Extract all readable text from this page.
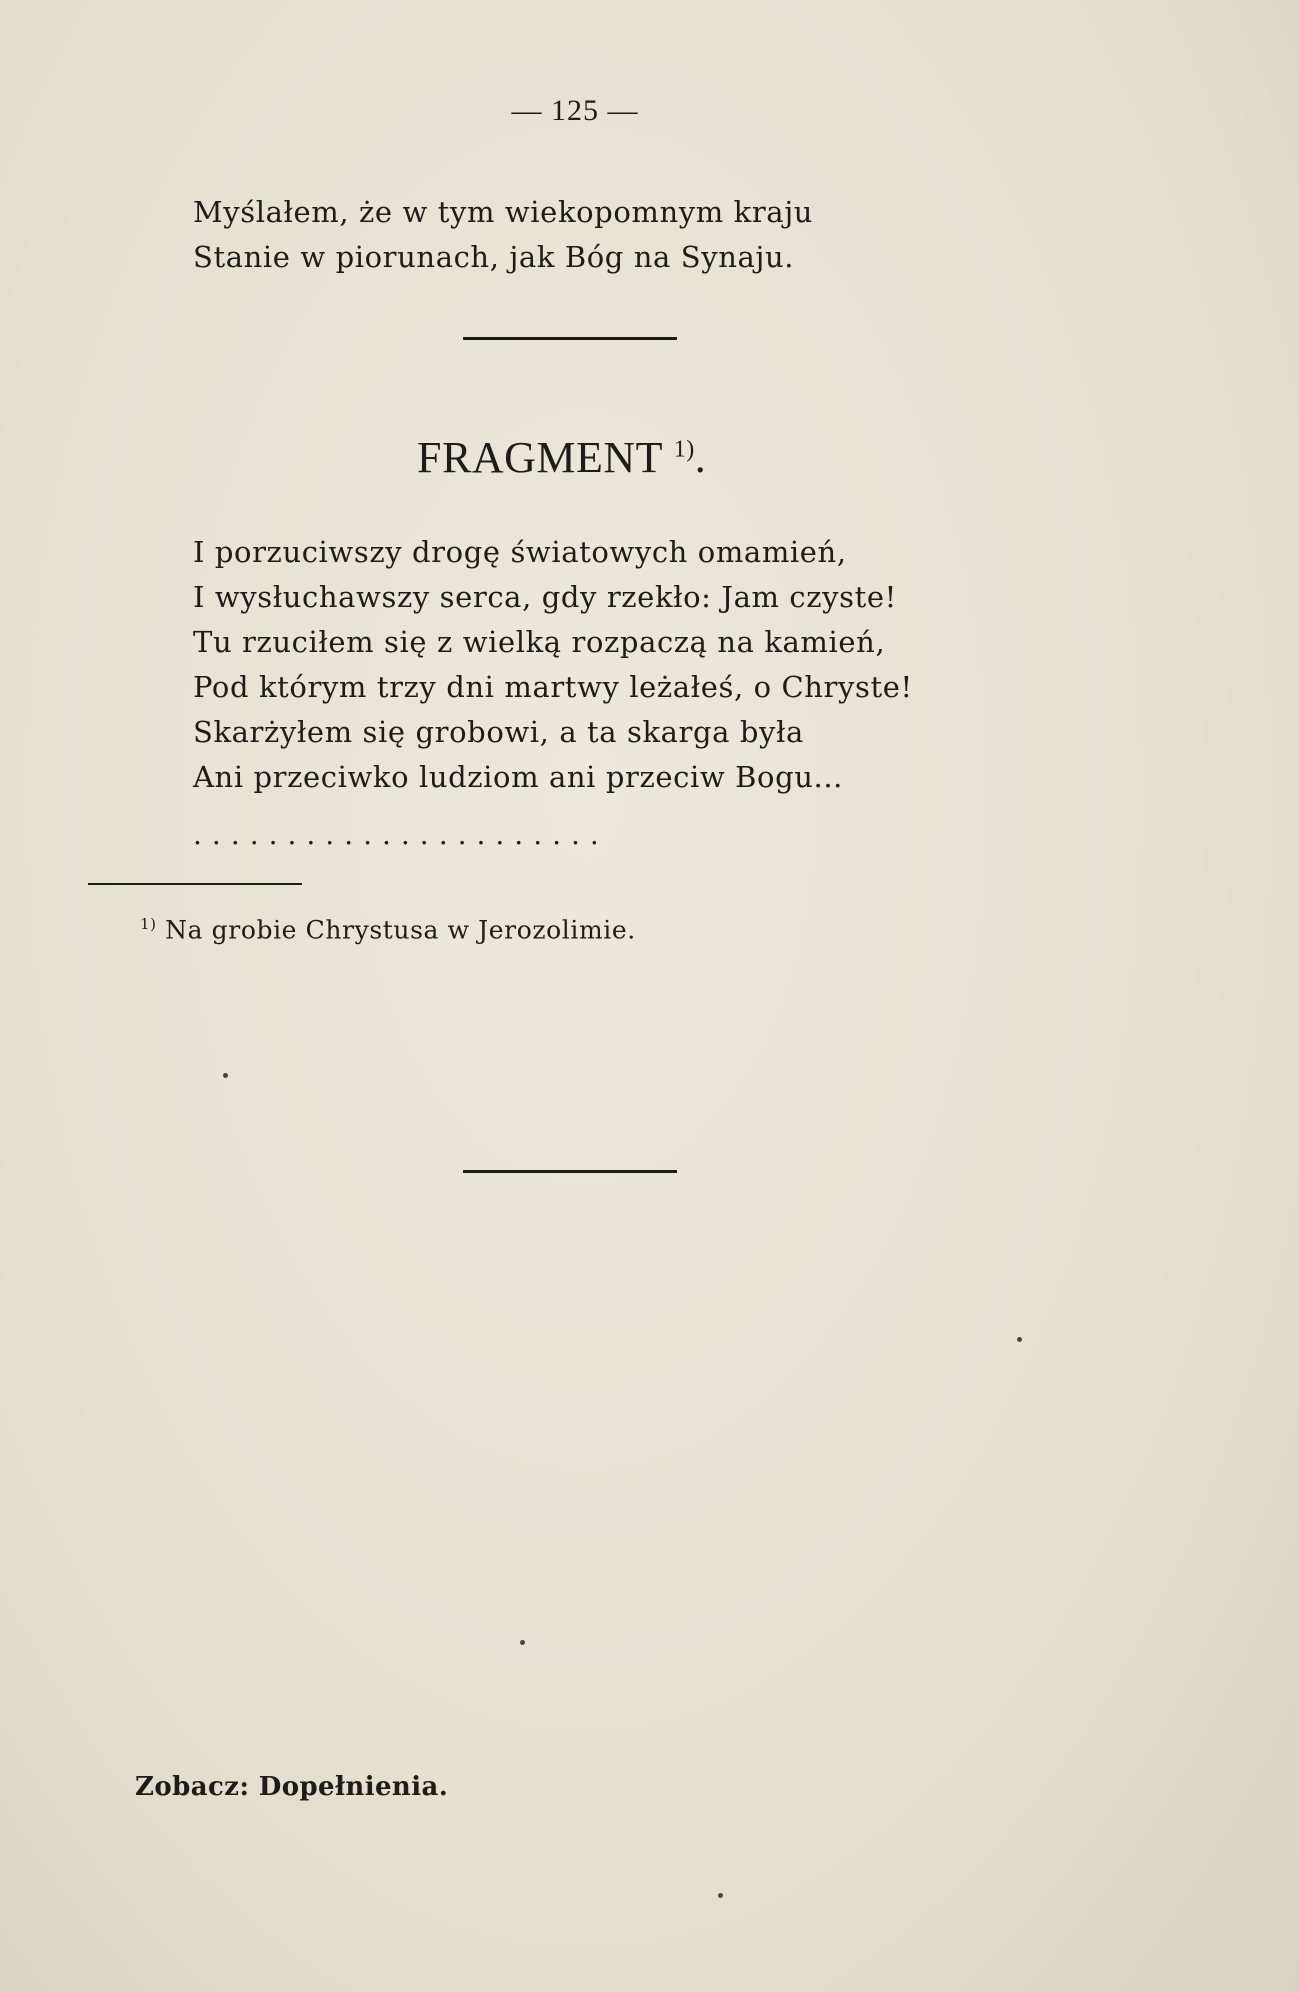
— 125 —
Myślałem, że w tym wiekopomnym kraju
Stanie w piorunach, jak Bóg na Synaju.
FRAGMENT $^{1)}$.
I porzuciwszy drogę światowych omamień,
I wysłuchawszy serca, gdy rzekło: Jam czyste!
Tu rzuciłem się z wielką rozpaczą na kamień,
Pod którym trzy dni martwy leżałeś, o Chryste!
Skarżyłem się grobowi, a ta skarga była
Ani przeciwko ludziom ani przeciw Bogu...
......................

$^{1)}$ Na grobie Chrystusa w Jerozolimie.

Zobacz: Dopełnienia.
